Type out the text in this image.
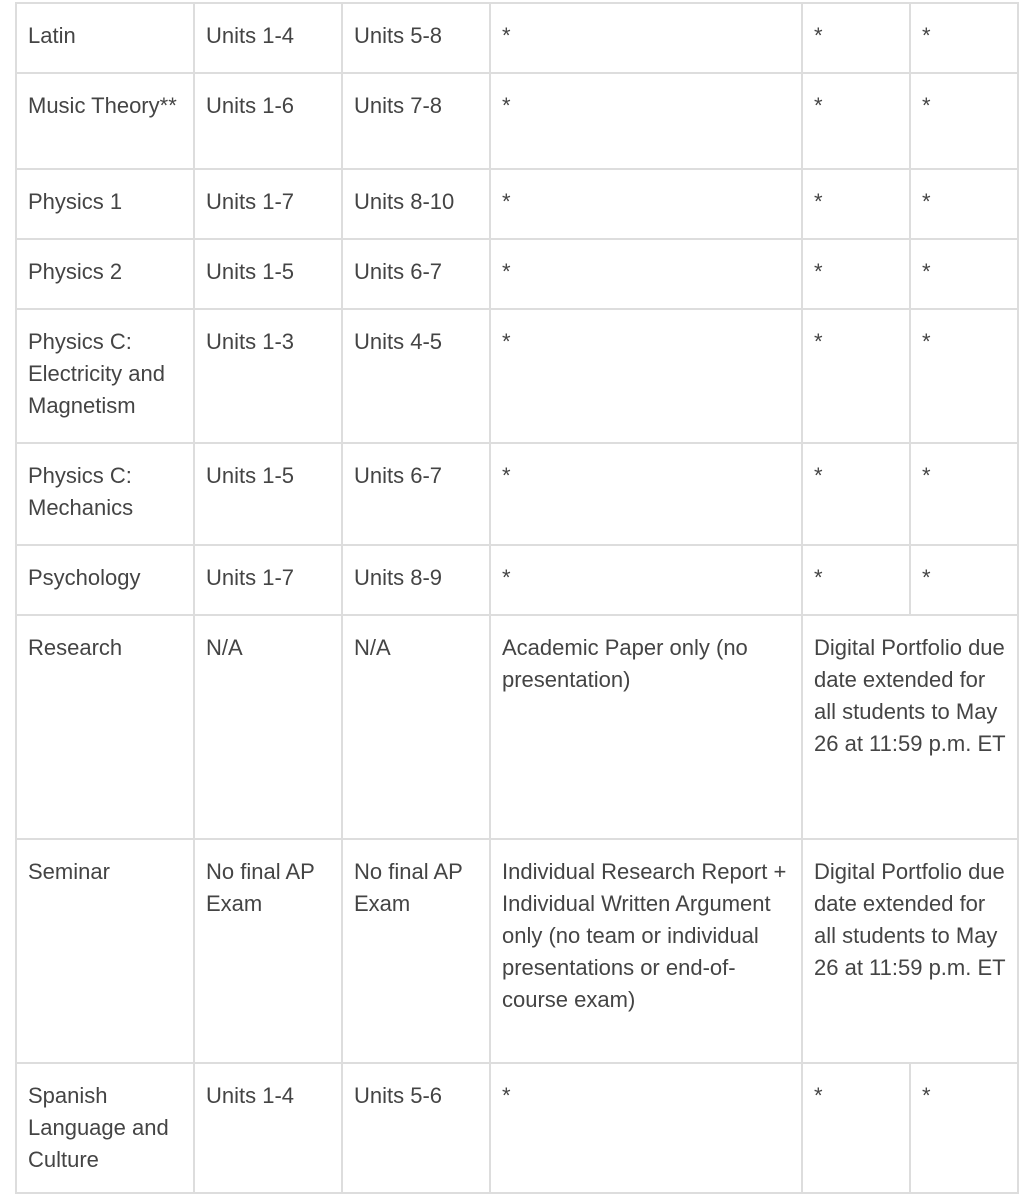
Latin	Units 1-4	Units 5-8	*	*	*
Music Theory**	Units 1-6	Units 7-8	*	*	*
Physics 1	Units 1-7	Units 8-10	*	*	*
Physics 2	Units 1-5	Units 6-7	*	*	*
Physics C: Electricity and Magnetism	Units 1-3	Units 4-5	*	*	*
Physics C: Mechanics	Units 1-5	Units 6-7	*	*	*
Psychology	Units 1-7	Units 8-9	*	*	*
Research	N/A	N/A	Academic Paper only (no presentation)	Digital Portfolio due date extended for all students to May 26 at 11:59 p.m. ET	
Seminar	No final AP Exam	No final AP Exam	Individual Research Report + Individual Written Argument only (no team or individual presentations or end-of-course exam)	Digital Portfolio due date extended for all students to May 26 at 11:59 p.m. ET	
Spanish Language and Culture	Units 1-4	Units 5-6	*	*	*
